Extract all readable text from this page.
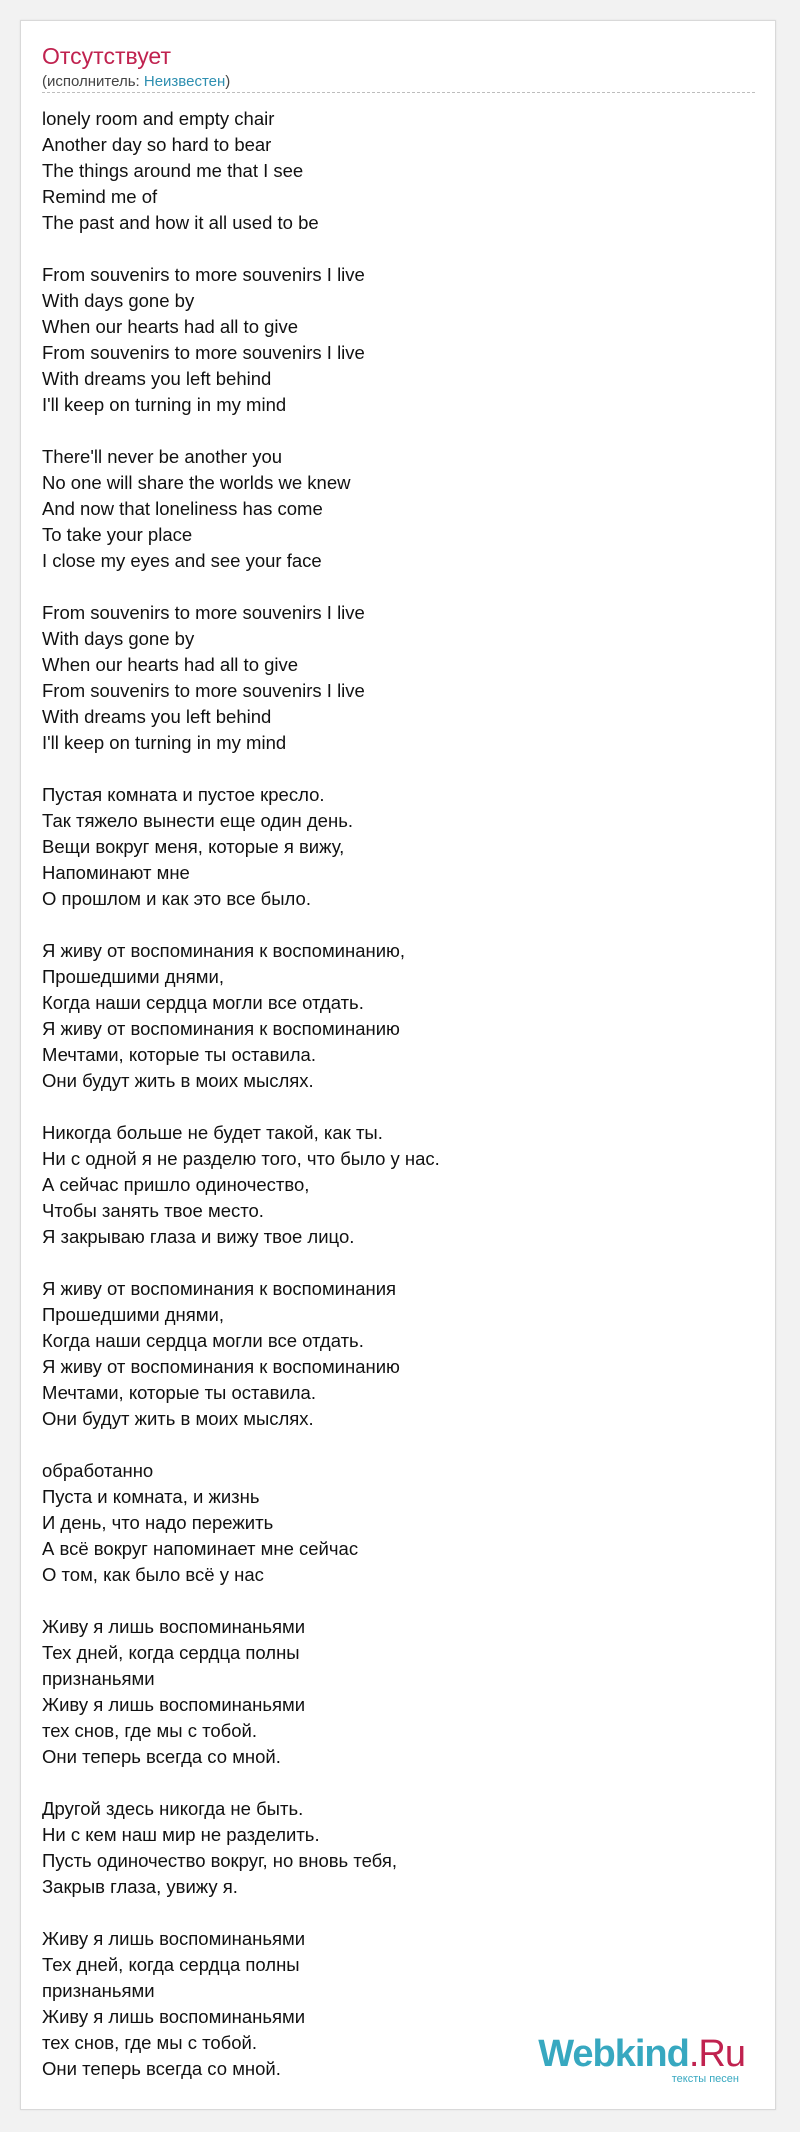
Отсутствует
(исполнитель: Неизвестен)
lonely room and empty chair
Another day so hard to bear
The things around me that I see
Remind me of
The past and how it all used to be
From souvenirs to more souvenirs I live
With days gone by
When our hearts had all to give
From souvenirs to more souvenirs I live
With dreams you left behind
I'll keep on turning in my mind
There'll never be another you
No one will share the worlds we knew
And now that loneliness has come
To take your place
I close my eyes and see your face
From souvenirs to more souvenirs I live
With days gone by
When our hearts had all to give
From souvenirs to more souvenirs I live
With dreams you left behind
I'll keep on turning in my mind
Пустая комната и пустое кресло.
Так тяжело вынести еще один день.
Вещи вокруг меня, которые я вижу,
Напоминают мне
О прошлом и как это все было.
Я живу от воспоминания к воспоминанию,
Прошедшими днями,
Когда наши сердца могли все отдать.
Я живу от воспоминания к воспоминанию
Мечтами, которые ты оставила.
Они будут жить в моих мыслях.
Никогда больше не будет такой, как ты.
Ни с одной я не разделю того, что было у нас.
А сейчас пришло одиночество,
Чтобы занять твое место.
Я закрываю глаза и вижу твое лицо.
Я живу от воспоминания к воспоминания
Прошедшими днями,
Когда наши сердца могли все отдать.
Я живу от воспоминания к воспоминанию
Мечтами, которые ты оставила.
Они будут жить в моих мыслях.
обработанно
Пуста и комната, и жизнь
И день, что надо пережить
А всё вокруг напоминает мне сейчас
О том, как было всё у нас
Живу я лишь воспоминаньями
Тех дней, когда сердца полны
признаньями
Живу я лишь воспоминаньями
тех снов, где мы с тобой.
Они теперь всегда со мной.
Другой здесь никогда не быть.
Ни с кем наш мир не разделить.
Пусть одиночество вокруг, но вновь тебя,
Закрыв глаза, увижу я.
Живу я лишь воспоминаньями
Тех дней, когда сердца полны
признаньями
Живу я лишь воспоминаньями
тех снов, где мы с тобой.
Они теперь всегда со мной.	Webkind.Ru
тексты песен
